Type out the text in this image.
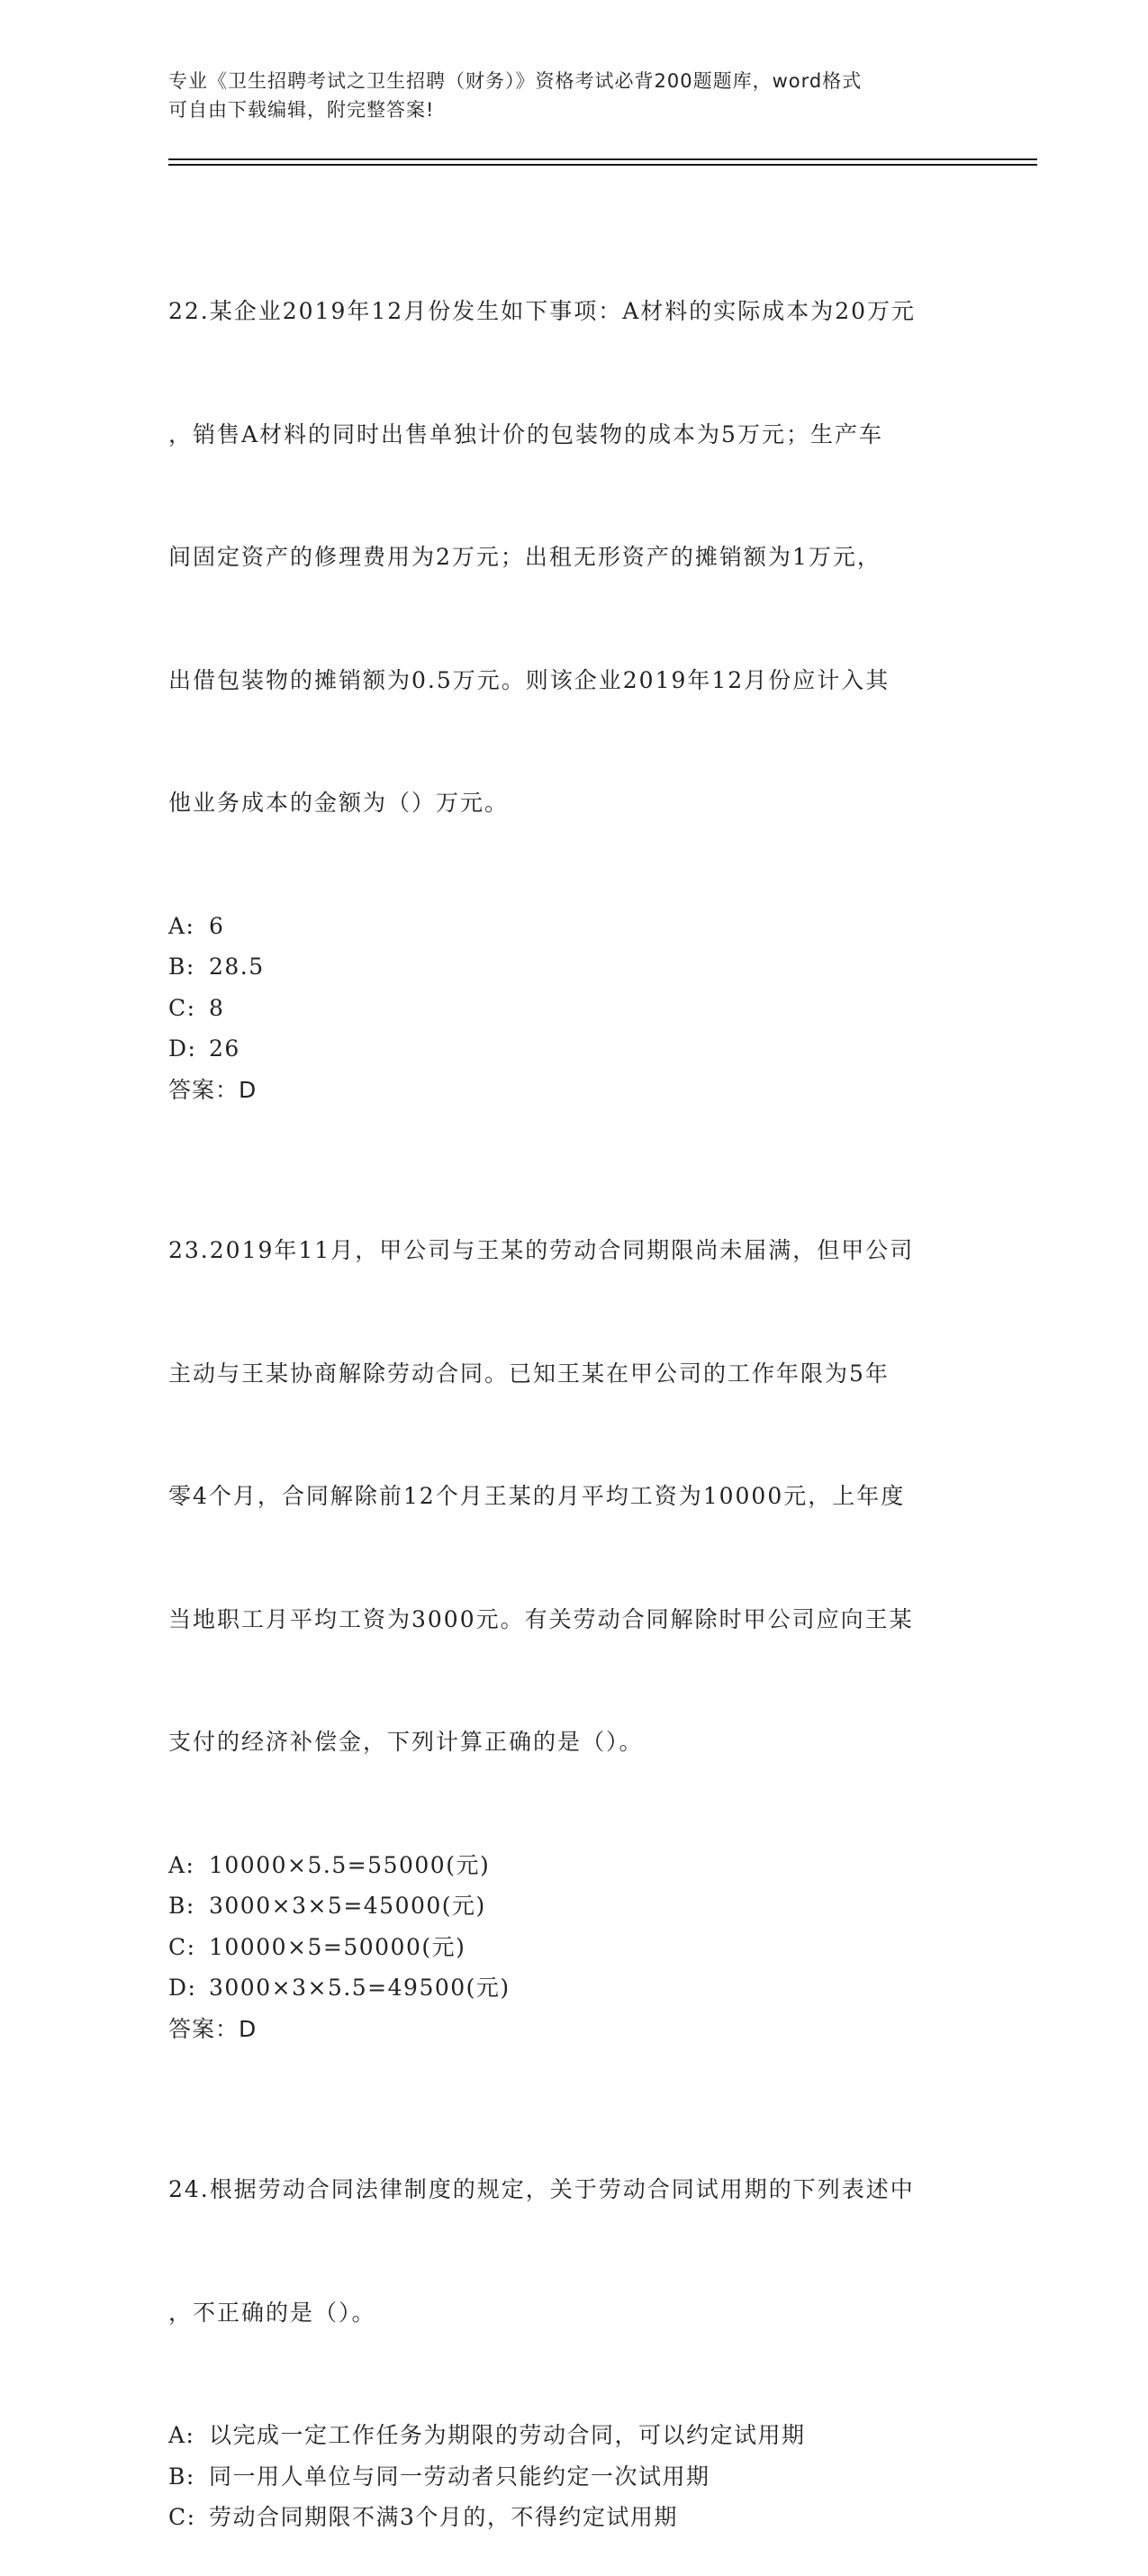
专业《卫生招聘考试之卫生招聘（财务）》资格考试必背200题题库，word格式
可自由下载编辑，附完整答案!

22.某企业2019年12月份发生如下事项：A材料的实际成本为20万元

，销售A材料的同时出售单独计价的包装物的成本为5万元；生产车

间固定资产的修理费用为2万元；出租无形资产的摊销额为1万元，

出借包装物的摊销额为0.5万元。则该企业2019年12月份应计入其

他业务成本的金额为（）万元。

A: 6
B: 28.5
C: 8
D: 26
答案：D

23.2019年11月，甲公司与王某的劳动合同期限尚未届满，但甲公司

主动与王某协商解除劳动合同。已知王某在甲公司的工作年限为5年

零4个月，合同解除前12个月王某的月平均工资为10000元，上年度

当地职工月平均工资为3000元。有关劳动合同解除时甲公司应向王某

支付的经济补偿金，下列计算正确的是（）。

A: 10000×5.5=55000(元)
B: 3000×3×5=45000(元)
C: 10000×5=50000(元)
D: 3000×3×5.5=49500(元)
答案：D

24.根据劳动合同法律制度的规定，关于劳动合同试用期的下列表述中

，不正确的是（）。

A: 以完成一定工作任务为期限的劳动合同，可以约定试用期
B: 同一用人单位与同一劳动者只能约定一次试用期
C: 劳动合同期限不满3个月的，不得约定试用期
